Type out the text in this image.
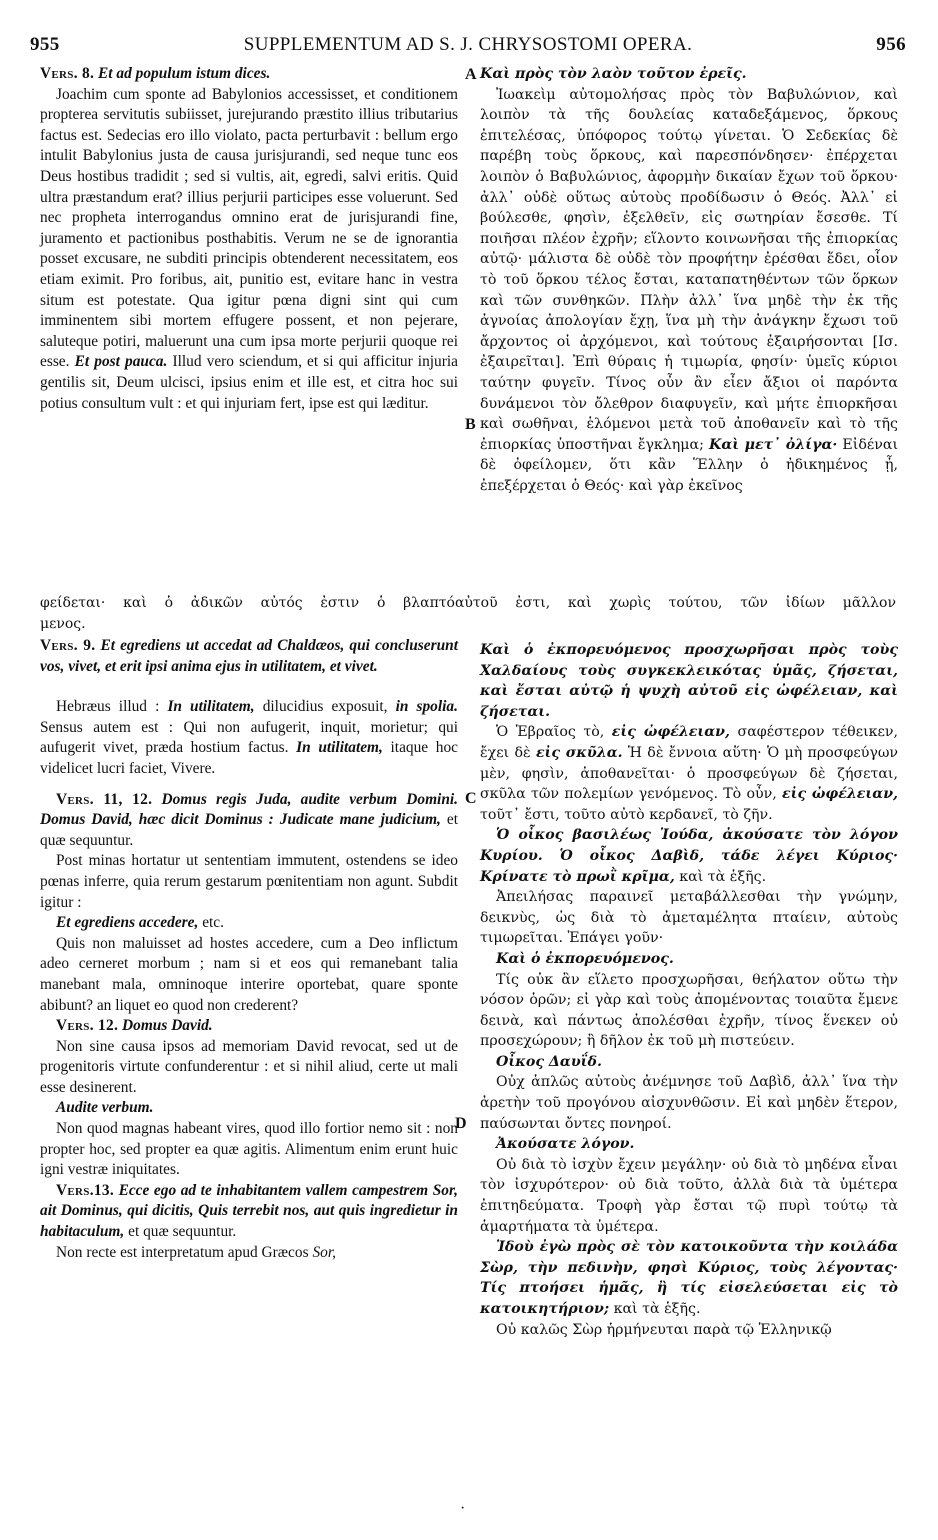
955	SUPPLEMENTUM AD S. J. CHRYSOSTOMI OPERA.	956
A
B
C
D

Vers. 8. Et ad populum istum dices.

Joachim cum sponte ad Babylonios accessisset, et conditionem propterea servitutis subiisset, jurejurando præstito illius tributarius factus est. Sedecias ero illo violato, pacta perturbavit : bellum ergo intulit Babylonius justa de causa jurisjurandi, sed neque tunc eos Deus hostibus tradidit ; sed si vultis, ait, egredi, salvi eritis. Quid ultra præstandum erat? illius perjurii participes esse voluerunt. Sed nec propheta interrogandus omnino erat de jurisjurandi fine, juramento et pactionibus posthabitis. Verum ne se de ignorantia posset excusare, ne subditi principis obtenderent necessitatem, eos etiam eximit. Pro foribus, ait, punitio est, evitare hanc in vestra situm est potestate. Qua igitur pœna digni sint qui cum imminentem sibi mortem effugere possent, et non pejerare, saluteque potiri, maluerunt una cum ipsa morte perjurii quoque rei esse. Et post pauca. Illud vero sciendum, et si qui afficitur injuria gentilis sit, Deum ulcisci, ipsius enim et ille est, et citra hoc sui potius consultum vult : et qui injuriam fert, ipse est qui læditur.

Καὶ πρὸς τὸν λαὸν τοῦτον ἐρεῖς.

Ἰωακεὶμ αὐτομολήσας πρὸς τὸν Βαβυλώνιον, καὶ λοιπὸν τὰ τῆς δουλείας καταδεξάμενος, ὅρκους ἐπιτελέσας, ὑπόφορος τούτῳ γίνεται. Ὁ Σεδεκίας δὲ παρέβη τοὺς ὅρκους, καὶ παρεσπόνδησεν· ἐπέρχεται λοιπὸν ὁ Βαβυλώνιος, ἀφορμὴν δικαίαν ἔχων τοῦ ὅρκου· ἀλλ᾽ οὐδὲ οὕτως αὐτοὺς προδίδωσιν ὁ Θεός. Ἀλλ᾽ εἰ βούλεσθε, φησὶν, ἐξελθεῖν, εἰς σωτηρίαν ἔσεσθε. Τί ποιῆσαι πλέον ἐχρῆν; εἵλοντο κοινωνῆσαι τῆς ἐπιορκίας αὐτῷ· μάλιστα δὲ οὐδὲ τὸν προφήτην ἐρέσθαι ἔδει, οἷον τὸ τοῦ ὅρκου τέλος ἔσται, καταπατηθέντων τῶν ὅρκων καὶ τῶν συνθηκῶν. Πλὴν ἀλλ᾽ ἵνα μηδὲ τὴν ἐκ τῆς ἀγνοίας ἀπολογίαν ἔχῃ, ἵνα μὴ τὴν ἀνάγκην ἔχωσι τοῦ ἄρχοντος οἱ ἀρχόμενοι, καὶ τούτους ἐξαιρήσονται [Ισ. ἐξαιρεῖται]. Ἐπὶ θύραις ἡ τιμωρία, φησίν· ὑμεῖς κύριοι ταύτην φυγεῖν. Τίνος οὖν ἂν εἶεν ἄξιοι οἱ παρόντα δυνάμενοι τὸν ὄλεθρον διαφυγεῖν, καὶ μήτε ἐπιορκῆσαι καὶ σωθῆναι, ἑλόμενοι μετὰ τοῦ ἀποθανεῖν καὶ τὸ τῆς ἐπιορκίας ὑποστῆναι ἔγκλημα; Καὶ μετ᾽ ὀλίγα· Εἰδέναι δὲ ὀφείλομεν, ὅτι κἂν Ἕλλην ὁ ἠδικημένος ᾖ, ἐπεξέρχεται ὁ Θεός· καὶ γὰρ ἐκεῖνος

φείδεται· καὶ ὁ ἀδικῶν αὐτός ἐστιν ὁ βλαπτόαὐτοῦ ἐστι, καὶ χωρὶς τούτου, τῶν ἰδίων μᾶλλον
μενος.

Vers. 9. Et egrediens ut accedat ad Chaldæos, qui concluserunt vos, vivet, et erit ipsi anima ejus in utilitatem, et vivet.

Hebræus illud : In utilitatem, dilucidius exposuit, in spolia. Sensus autem est : Qui non aufugerit, inquit, morietur; qui aufugerit vivet, præda hostium factus. In utilitatem, itaque hoc videlicet lucri faciet, Vivere.

Vers. 11, 12. Domus regis Juda, audite verbum Domini. Domus David, hæc dicit Dominus : Judicate mane judicium, et quæ sequuntur.

Post minas hortatur ut sententiam immutent, ostendens se ideo pœnas inferre, quia rerum gestarum pœnitentiam non agunt. Subdit igitur :

Et egrediens accedere, etc.

Quis non maluisset ad hostes accedere, cum a Deo inflictum adeo cerneret morbum ; nam si et eos qui remanebant talia manebant mala, omninoque interire oportebat, quare sponte abibunt? an liquet eo quod non crederent?

Vers. 12. Domus David.

Non sine causa ipsos ad memoriam David revocat, sed ut de progenitoris virtute confunderentur : et si nihil aliud, certe ut mali esse desinerent.

Audite verbum.

Non quod magnas habeant vires, quod illo fortior nemo sit : non propter hoc, sed propter ea quæ agitis. Alimentum enim erunt huic igni vestræ iniquitates.

Vers.13. Ecce ego ad te inhabitantem vallem campestrem Sor, ait Dominus, qui dicitis, Quis terrebit nos, aut quis ingredietur in habitaculum, et quæ sequuntur.

Non recte est interpretatum apud Græcos Sor,

Καὶ ὁ ἐκπορευόμενος προσχωρῆσαι πρὸς τοὺς Χαλδαίους τοὺς συγκεκλεικότας ὑμᾶς, ζήσεται, καὶ ἔσται αὐτῷ ἡ ψυχὴ αὐτοῦ εἰς ὠφέλειαν, καὶ ζήσεται.

Ὁ Ἑβραῖος τὸ, εἰς ὠφέλειαν, σαφέστερον τέθεικεν, ἔχει δὲ εἰς σκῦλα. Ἡ δὲ ἔννοια αὕτη· Ὁ μὴ προσφεύγων μὲν, φησὶν, ἀποθανεῖται· ὁ προσφεύγων δὲ ζήσεται, σκῦλα τῶν πολεμίων γενόμενος. Τὸ οὖν, εἰς ὠφέλειαν, τοῦτ᾽ ἔστι, τοῦτο αὐτὸ κερδανεῖ, τὸ ζῆν.

Ὁ οἶκος βασιλέως Ἰούδα, ἀκούσατε τὸν λόγον Κυρίου. Ὁ οἶκος Δαβὶδ, τάδε λέγει Κύριος· Κρίνατε τὸ πρωῒ κρῖμα, καὶ τὰ ἑξῆς.

Ἀπειλήσας παραινεῖ μεταβάλλεσθαι τὴν γνώμην, δεικνὺς, ὡς διὰ τὸ ἀμεταμέλητα πταίειν, αὐτοὺς τιμωρεῖται. Ἐπάγει γοῦν·

Καὶ ὁ ἐκπορευόμενος.

Τίς οὐκ ἂν εἵλετο προσχωρῆσαι, θεήλατον οὕτω τὴν νόσον ὁρῶν; εἰ γὰρ καὶ τοὺς ἀπομένοντας τοιαῦτα ἔμενε δεινὰ, καὶ πάντως ἀπολέσθαι ἐχρῆν, τίνος ἕνεκεν οὐ προσεχώρουν; ἢ δῆλον ἐκ τοῦ μὴ πιστεύειν.

Οἶκος Δαυΐδ.

Οὐχ ἁπλῶς αὐτοὺς ἀνέμνησε τοῦ Δαβὶδ, ἀλλ᾽ ἵνα τὴν ἀρετὴν τοῦ προγόνου αἰσχυνθῶσιν. Εἰ καὶ μηδὲν ἕτερον, παύσωνται ὄντες πονηροί.

Ἀκούσατε λόγον.

Οὐ διὰ τὸ ἰσχὺν ἔχειν μεγάλην· οὐ διὰ τὸ μηδένα εἶναι τὸν ἰσχυρότερον· οὐ διὰ τοῦτο, ἀλλὰ διὰ τὰ ὑμέτερα ἐπιτηδεύματα. Τροφὴ γὰρ ἔσται τῷ πυρὶ τούτῳ τὰ ἁμαρτήματα τὰ ὑμέτερα.

Ἰδοὺ ἐγὼ πρὸς σὲ τὸν κατοικοῦντα τὴν κοιλάδα Σὼρ, τὴν πεδινὴν, φησὶ Κύριος, τοὺς λέγοντας· Τίς πτοήσει ἡμᾶς, ἢ τίς εἰσελεύσεται εἰς τὸ κατοικητήριον; καὶ τὰ ἑξῆς.

Οὐ καλῶς Σὼρ ἡρμήνευται παρὰ τῷ Ἑλληνικῷ

·
